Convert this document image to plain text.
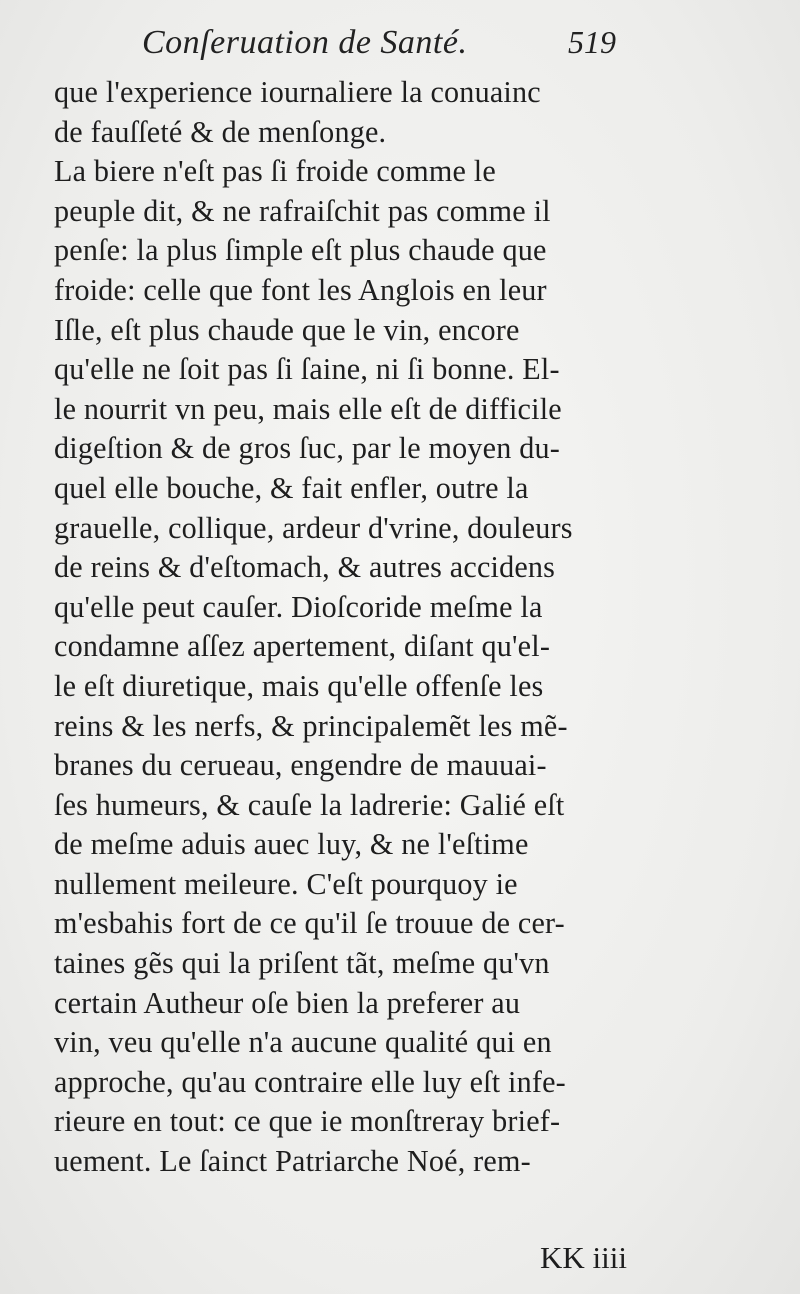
Conſeruation de Santé.	519
que l'experience iournaliere la conuainc
de fauſſeté & de menſonge.
La biere n'eſt pas ſi froide comme le
peuple dit, & ne rafraiſchit pas comme il
penſe: la plus ſimple eſt plus chaude que
froide: celle que font les Anglois en leur
Iſle, eſt plus chaude que le vin, encore
qu'elle ne ſoit pas ſi ſaine, ni ſi bonne. El-
le nourrit vn peu, mais elle eſt de difficile
digeſtion & de gros ſuc, par le moyen du-
quel elle bouche, & fait enfler, outre la
grauelle, collique, ardeur d'vrine, douleurs
de reins & d'eſtomach, & autres accidens
qu'elle peut cauſer. Dioſcoride meſme la
condamne aſſez apertement, diſant qu'el-
le eſt diuretique, mais qu'elle offenſe les
reins & les nerfs, & principalemẽt les mẽ-
branes du cerueau, engendre de mauuai-
ſes humeurs, & cauſe la ladrerie: Galié eſt
de meſme aduis auec luy, & ne l'eſtime
nullement meileure. C'eſt pourquoy ie
m'esbahis fort de ce qu'il ſe trouue de cer-
taines gẽs qui la priſent tãt, meſme qu'vn
certain Autheur oſe bien la preferer au
vin, veu qu'elle n'a aucune qualité qui en
approche, qu'au contraire elle luy eſt infe-
rieure en tout: ce que ie monſtreray brief-
uement. Le ſainct Patriarche Noé, rem-
KK iiii
